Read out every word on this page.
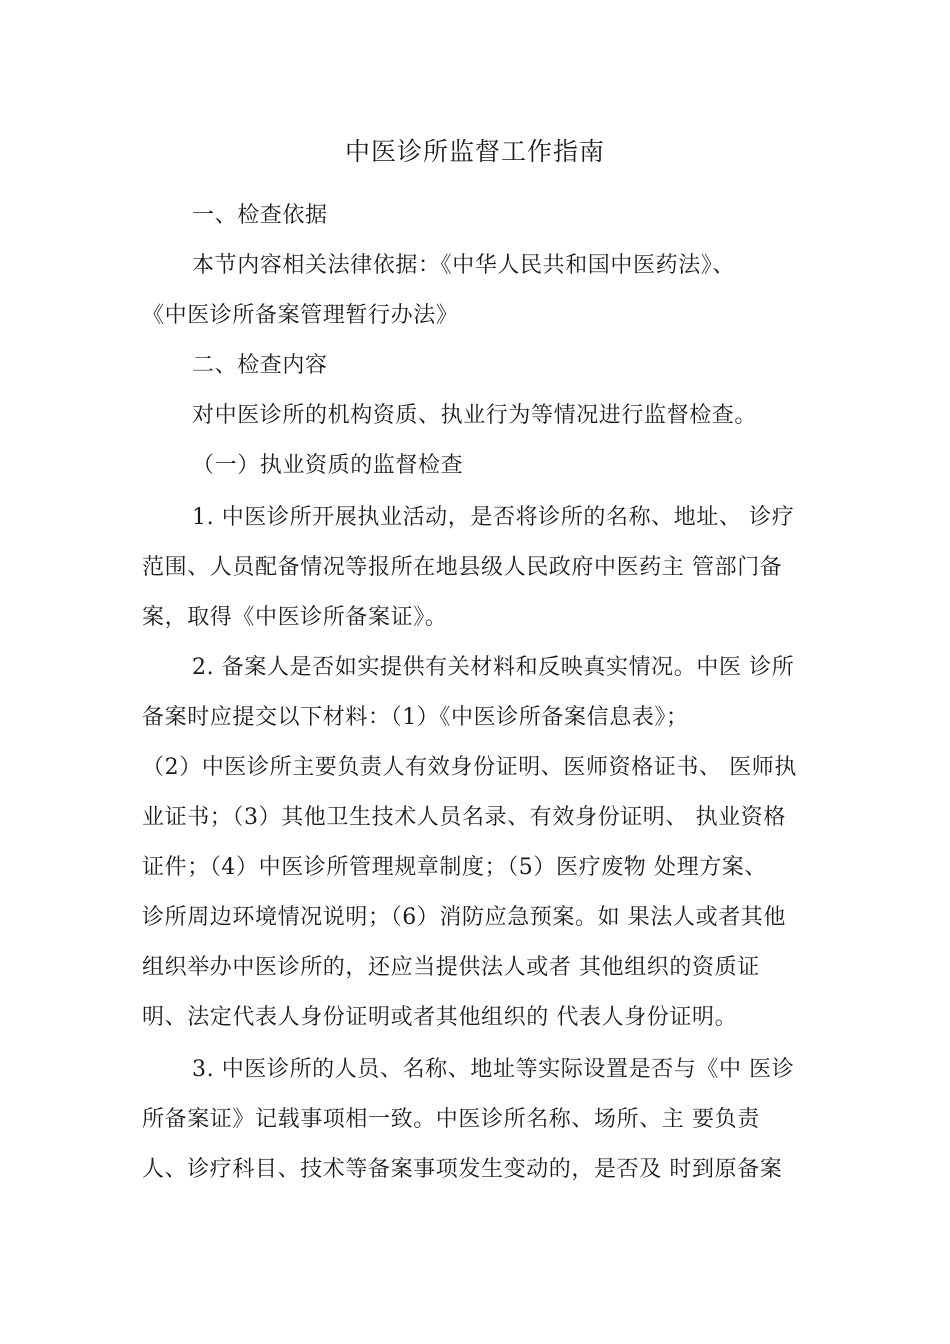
中医诊所监督工作指南
一、检查依据
本节内容相关法律依据：《中华人民共和国中医药法》、
《中医诊所备案管理暂行办法》
二、检查内容
对中医诊所的机构资质、执业行为等情况进行监督检查。
（一）执业资质的监督检查
1. 中医诊所开展执业活动，是否将诊所的名称、地址、 诊疗
范围、人员配备情况等报所在地县级人民政府中医药主 管部门备
案，取得《中医诊所备案证》。
2. 备案人是否如实提供有关材料和反映真实情况。中医 诊所
备案时应提交以下材料：（1）《中医诊所备案信息表》；
（2）中医诊所主要负责人有效身份证明、医师资格证书、 医师执
业证书；（3）其他卫生技术人员名录、有效身份证明、 执业资格
证件；（4）中医诊所管理规章制度；（5）医疗废物 处理方案、
诊所周边环境情况说明；（6）消防应急预案。如 果法人或者其他
组织举办中医诊所的，还应当提供法人或者 其他组织的资质证
明、法定代表人身份证明或者其他组织的 代表人身份证明。
3. 中医诊所的人员、名称、地址等实际设置是否与《中 医诊
所备案证》记载事项相一致。中医诊所名称、场所、主 要负责
人、诊疗科目、技术等备案事项发生变动的，是否及 时到原备案
